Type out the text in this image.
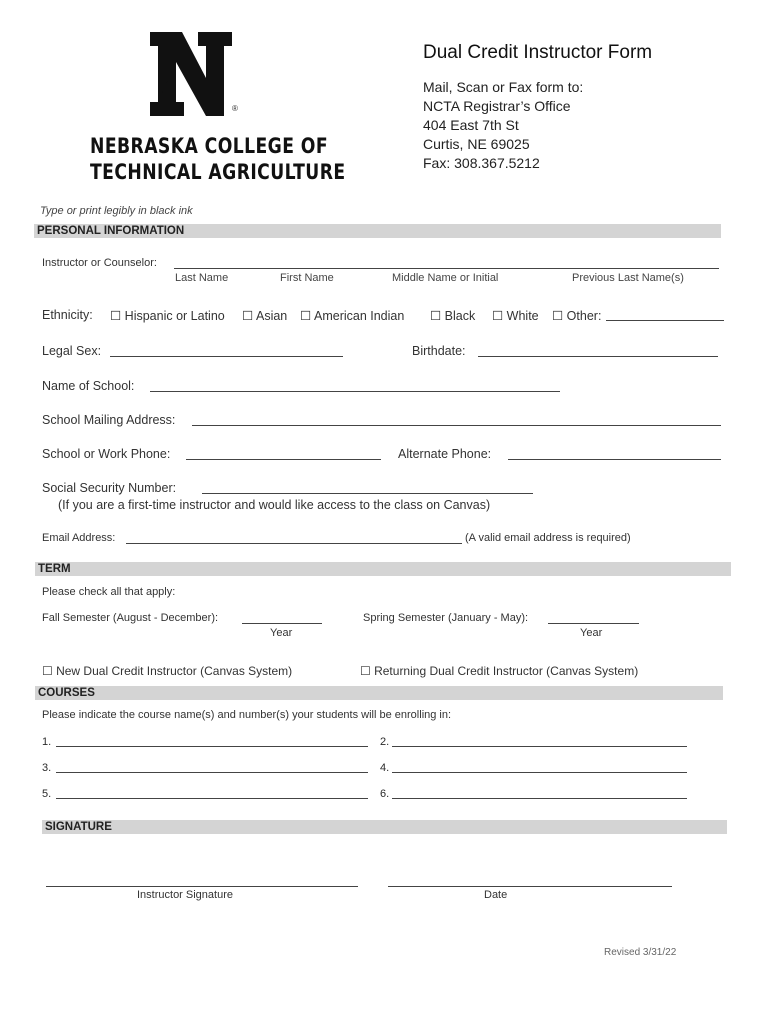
®
NEBRASKA COLLEGE OF
TECHNICAL AGRICULTURE
Dual Credit Instructor Form
Mail, Scan or Fax form to:
NCTA Registrar’s Office
404 East 7th St
Curtis, NE 69025
Fax: 308.367.5212
Type or print legibly in black ink
PERSONAL INFORMATION
Instructor or Counselor:
Last Name	First Name	Middle Name or Initial	Previous Last Name(s)
Ethnicity: ☐ Hispanic or Latino ☐ Asian ☐ American Indian ☐ Black ☐ White ☐ Other:
Legal Sex:	Birthdate:
Name of School:
School Mailing Address:
School or Work Phone:	Alternate Phone:
Social Security Number:
(If you are a first-time instructor and would like access to the class on Canvas)
Email Address:	(A valid email address is required)
TERM
Please check all that apply:
Fall Semester (August - December):
Year
Spring Semester (January - May):
Year
☐ New Dual Credit Instructor (Canvas System)	☐ Returning Dual Credit Instructor (Canvas System)
COURSES
Please indicate the course name(s) and number(s) your students will be enrolling in:
1.	2.
3.	4.
5.	6.
SIGNATURE
Instructor Signature	Date
Revised 3/31/22
